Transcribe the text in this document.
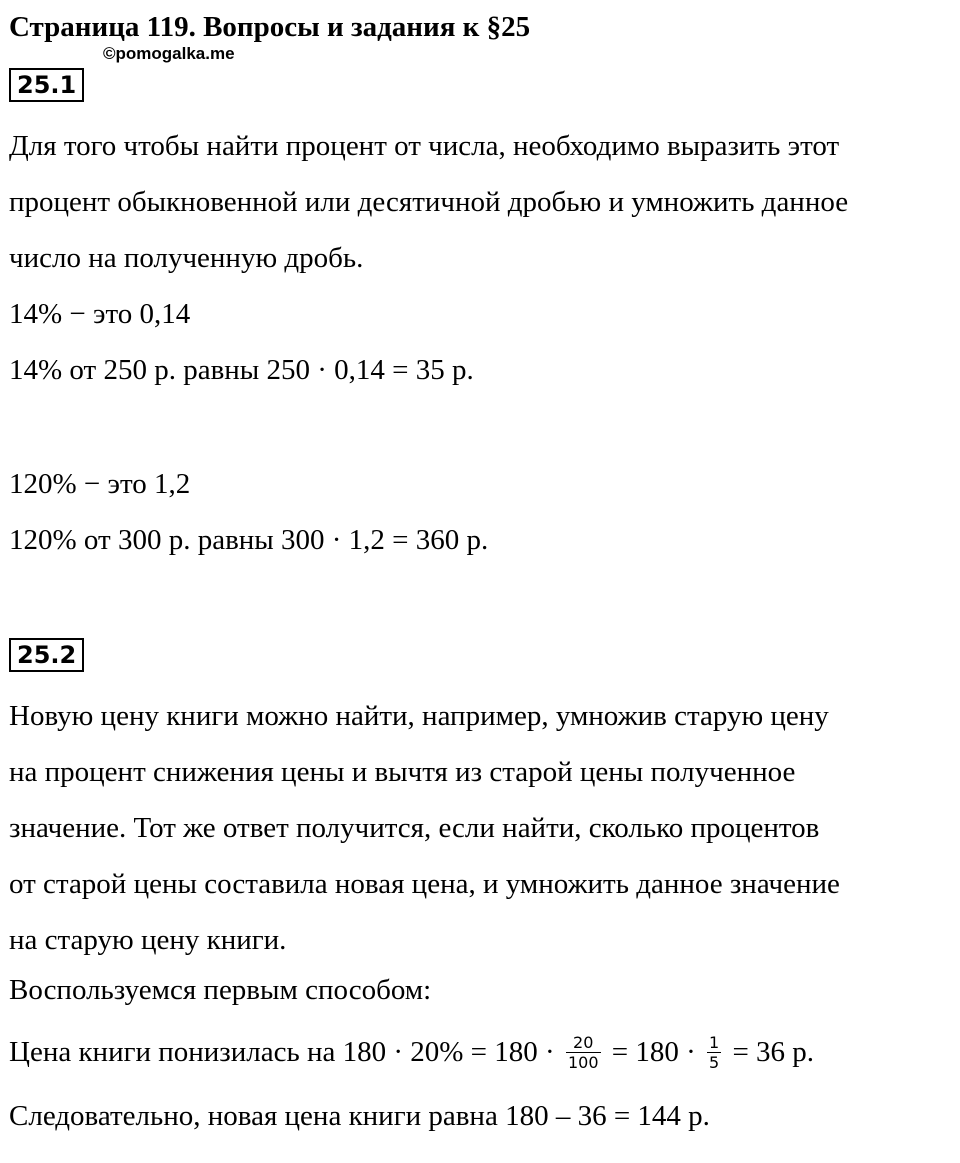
Страница 119. Вопросы и задания к §25
©pomogalka.me
25.1
Для того чтобы найти процент от числа, необходимо выразить этот
процент обыкновенной или десятичной дробью и умножить данное
число на полученную дробь.
14% − это 0,14
14% от 250 р. равны 250 · 0,14 = 35 р.
120% − это 1,2
120% от 300 р. равны 300 · 1,2 = 360 р.
25.2
Новую цену книги можно найти, например, умножив старую цену
на процент снижения цены и вычтя из старой цены полученное
значение. Тот же ответ получится, если найти, сколько процентов
от старой цены составила новая цена, и умножить данное значение
на старую цену книги.
Воспользуемся первым способом:
Цена книги понизилась на $180 \cdot 20\% = 180 \cdot \frac{20}{100} = 180 \cdot \frac{1}{5} = 36$ р.
Следовательно, новая цена книги равна 180 – 36 = 144 р.
